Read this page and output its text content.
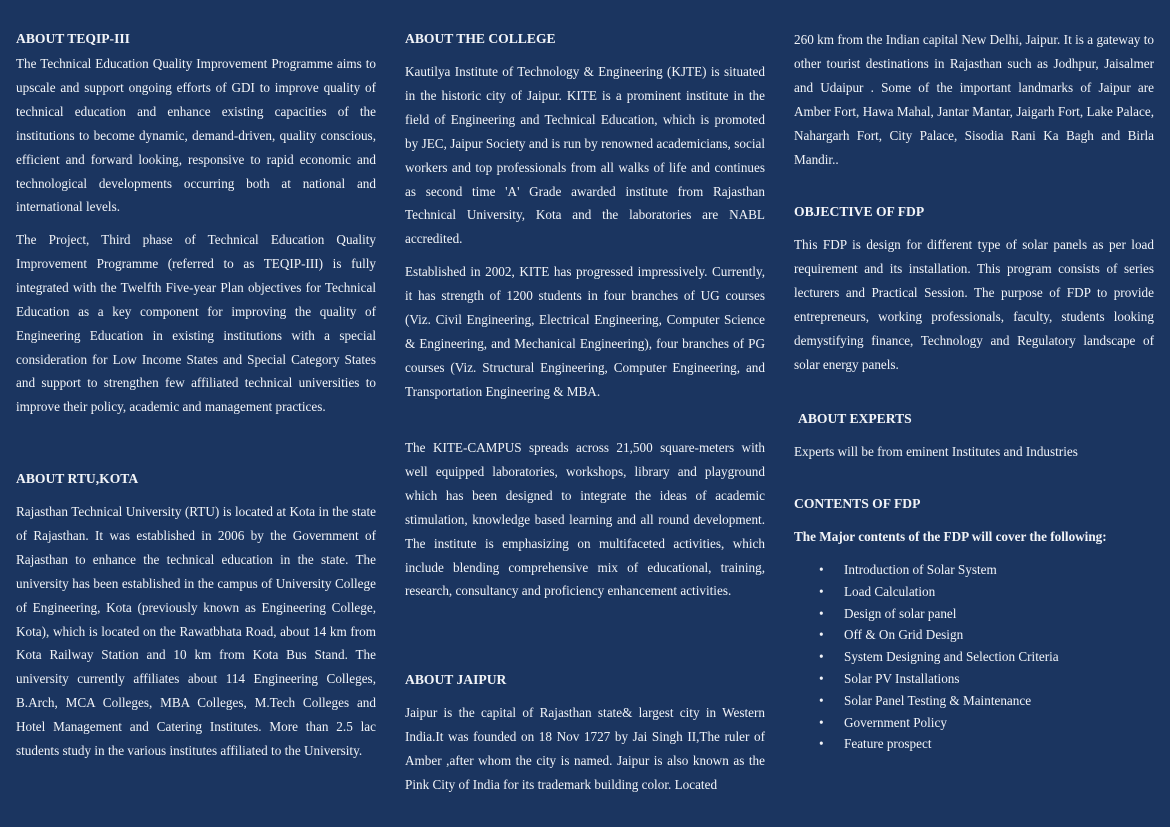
ABOUT TEQIP-III

The Technical Education Quality Improvement Programme aims to upscale and support ongoing efforts of GDI to improve quality of technical education and enhance existing capacities of the institutions to become dynamic, demand-driven, quality conscious, efficient and forward looking, responsive to rapid economic and technological developments occurring both at national and international levels.

The Project, Third phase of Technical Education Quality Improvement Programme (referred to as TEQIP-III) is fully integrated with the Twelfth Five-year Plan objectives for Technical Education as a key component for improving the quality of Engineering Education in existing institutions with a special consideration for Low Income States and Special Category States and support to strengthen few affiliated technical universities to improve their policy, academic and management practices.

ABOUT RTU,KOTA

Rajasthan Technical University (RTU) is located at Kota in the state of Rajasthan. It was established in 2006 by the Government of Rajasthan to enhance the technical education in the state. The university has been established in the campus of University College of Engineering, Kota (previously known as Engineering College, Kota), which is located on the Rawatbhata Road, about 14 km from Kota Railway Station and 10 km from Kota Bus Stand. The university currently affiliates about 114 Engineering Colleges, B.Arch, MCA Colleges, MBA Colleges, M.Tech Colleges and Hotel Management and Catering Institutes. More than 2.5 lac students study in the various institutes affiliated to the University.

ABOUT THE COLLEGE

Kautilya Institute of Technology & Engineering (KJTE) is situated in the historic city of Jaipur. KITE is a prominent institute in the field of Engineering and Technical Education, which is promoted by JEC, Jaipur Society and is run by renowned academicians, social workers and top professionals from all walks of life and continues as second time 'A' Grade awarded institute from Rajasthan Technical University, Kota and the laboratories are NABL accredited.

Established in 2002, KITE has progressed impressively. Currently, it has strength of 1200 students in four branches of UG courses (Viz. Civil Engineering, Electrical Engineering, Computer Science & Engineering, and Mechanical Engineering), four branches of PG courses (Viz. Structural Engineering, Computer Engineering, and Transportation Engineering & MBA.

The KITE-CAMPUS spreads across 21,500 square-meters with well equipped laboratories, workshops, library and playground which has been designed to integrate the ideas of academic stimulation, knowledge based learning and all round development. The institute is emphasizing on multifaceted activities, which include blending comprehensive mix of educational, training, research, consultancy and proficiency enhancement activities.

ABOUT JAIPUR

Jaipur is the capital of Rajasthan state& largest city in Western India.It was founded on 18 Nov 1727 by Jai Singh II,The ruler of Amber ,after whom the city is named. Jaipur is also known as the Pink City of India for its trademark building color. Located

260 km from the Indian capital New Delhi, Jaipur. It is a gateway to other tourist destinations in Rajasthan such as Jodhpur, Jaisalmer and Udaipur . Some of the important landmarks of Jaipur are Amber Fort, Hawa Mahal, Jantar Mantar, Jaigarh Fort, Lake Palace, Nahargarh Fort, City Palace, Sisodia Rani Ka Bagh and Birla Mandir..

OBJECTIVE OF FDP

This FDP is design for different type of solar panels as per load requirement and its installation. This program consists of series lecturers and Practical Session. The purpose of FDP to provide entrepreneurs, working professionals, faculty, students looking demystifying finance, Technology and Regulatory landscape of solar energy panels.

ABOUT EXPERTS
Experts will be from eminent Institutes and Industries
CONTENTS OF FDP
The Major contents of the FDP will cover the following:
• Introduction of Solar System
• Load Calculation
• Design of solar panel
• Off & On Grid Design
• System Designing and Selection Criteria
• Solar PV Installations
• Solar Panel Testing & Maintenance
• Government Policy
• Feature prospect
